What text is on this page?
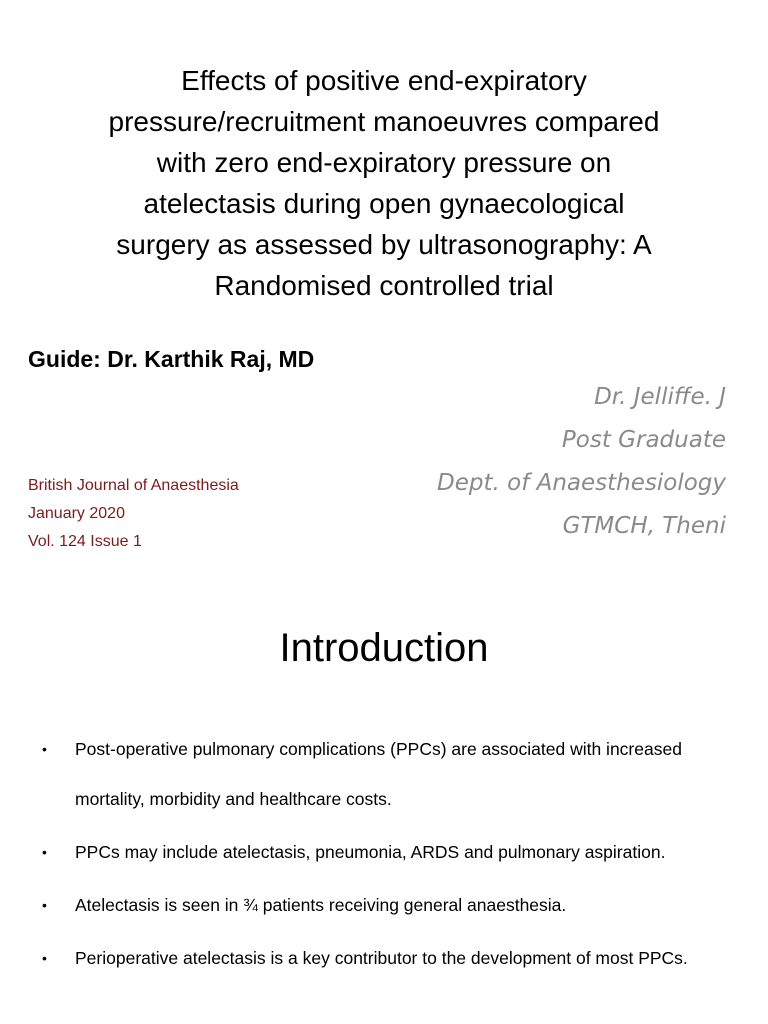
Effects of positive end-expiratory
pressure/recruitment manoeuvres compared
with zero end-expiratory pressure on
atelectasis during open gynaecological
surgery as assessed by ultrasonography: A
Randomised controlled trial

Guide: Dr. Karthik Raj, MD

Dr. Jelliffe. J
Post Graduate
Dept. of Anaesthesiology
GTMCH, Theni
British Journal of Anaesthesia
January 2020
Vol. 124 Issue 1
Introduction
• Post-operative pulmonary complications (PPCs) are associated with increased mortality, morbidity and healthcare costs.
• PPCs may include atelectasis, pneumonia, ARDS and pulmonary aspiration.
• Atelectasis is seen in ¾ patients receiving general anaesthesia.
• Perioperative atelectasis is a key contributor to the development of most PPCs.
